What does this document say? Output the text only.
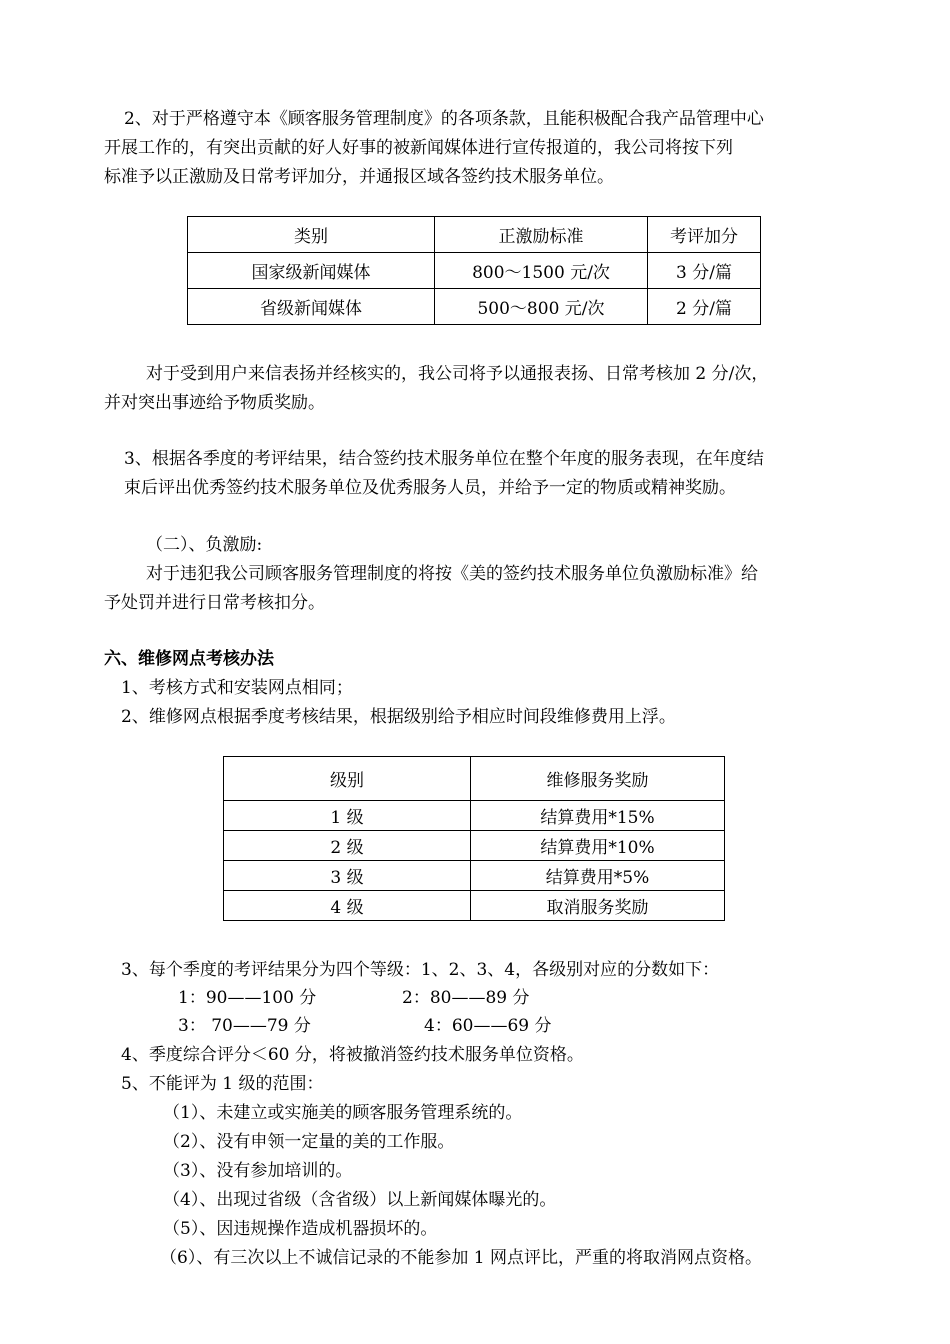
2、对于严格遵守本《顾客服务管理制度》的各项条款，且能积极配合我产品管理中心

开展工作的，有突出贡献的好人好事的被新闻媒体进行宣传报道的，我公司将按下列

标准予以正激励及日常考评加分，并通报区域各签约技术服务单位。

类别	正激励标准	考评加分
国家级新闻媒体	800～1500 元/次	3 分/篇
省级新闻媒体	500～800 元/次	2 分/篇

对于受到用户来信表扬并经核实的，我公司将予以通报表扬、日常考核加 2 分/次，

并对突出事迹给予物质奖励。

3、根据各季度的考评结果，结合签约技术服务单位在整个年度的服务表现，在年度结

束后评出优秀签约技术服务单位及优秀服务人员，并给予一定的物质或精神奖励。

（二）、负激励:

对于违犯我公司顾客服务管理制度的将按《美的签约技术服务单位负激励标准》给

予处罚并进行日常考核扣分。

六、维修网点考核办法

1、考核方式和安装网点相同；

2、维修网点根据季度考核结果，根据级别给予相应时间段维修费用上浮。

级别	维修服务奖励
1 级	结算费用*15%
2 级	结算费用*10%
3 级	结算费用*5%
4 级	取消服务奖励

3、每个季度的考评结果分为四个等级：1、2、3、4，各级别对应的分数如下：

1：90——100 分	2：80——89 分

3： 70——79 分	4：60——69 分

4、季度综合评分＜60 分，将被撤消签约技术服务单位资格。

5、不能评为 1 级的范围：

（1）、未建立或实施美的顾客服务管理系统的。

（2）、没有申领一定量的美的工作服。

（3）、没有参加培训的。

（4）、出现过省级（含省级）以上新闻媒体曝光的。

（5）、因违规操作造成机器损坏的。

（6）、有三次以上不诚信记录的不能参加 1 网点评比，严重的将取消网点资格。
